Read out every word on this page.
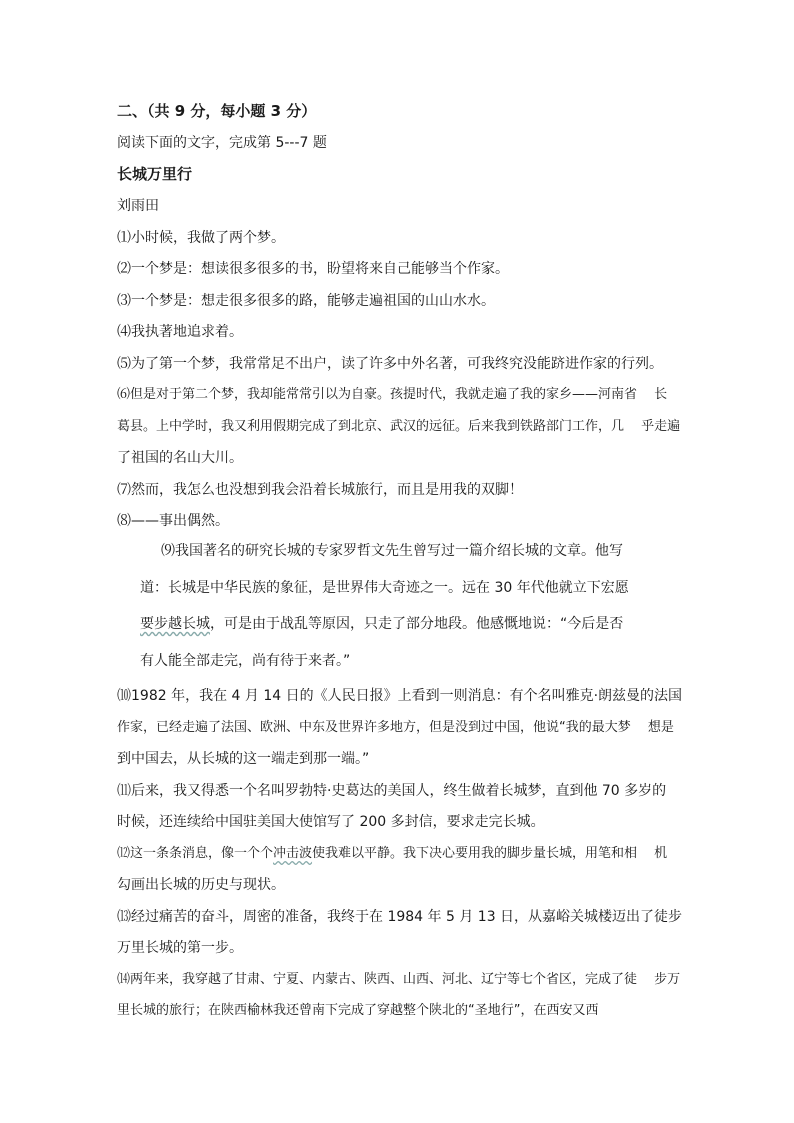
二、（共 9 分，每小题 3 分）
阅读下面的文字，完成第 5---7 题
长城万里行
刘雨田
⑴小时候，我做了两个梦。
⑵一个梦是：想读很多很多的书，盼望将来自己能够当个作家。
⑶一个梦是：想走很多很多的路，能够走遍祖国的山山水水。
⑷我执著地追求着。
⑸为了第一个梦，我常常足不出户，读了许多中外名著，可我终究没能跻进作家的行列。
⑹但是对于第二个梦，我却能常常引以为自豪。孩提时代，我就走遍了我的家乡——河南省　 长
葛县。上中学时，我又利用假期完成了到北京、武汉的远征。后来我到铁路部门工作，几　 乎走遍
了祖国的名山大川。
⑺然而，我怎么也没想到我会沿着长城旅行，而且是用我的双脚！
⑻——事出偶然。
⑼我国著名的研究长城的专家罗哲文先生曾写过一篇介绍长城的文章。他写
道：长城是中华民族的象征，是世界伟大奇迹之一。远在 30 年代他就立下宏愿
要步越长城，可是由于战乱等原因，只走了部分地段。他感慨地说：“今后是否
有人能全部走完，尚有待于来者。”
⑽1982 年，我在 4 月 14 日的《人民日报》上看到一则消息：有个名叫雅克·朗兹曼的法国
作家，已经走遍了法国、欧洲、中东及世界许多地方，但是没到过中国，他说“我的最大梦　 想是
到中国去，从长城的这一端走到那一端。”
⑾后来，我又得悉一个名叫罗勃特·史葛达的美国人，终生做着长城梦，直到他 70 多岁的
时候，还连续给中国驻美国大使馆写了 200 多封信，要求走完长城。
⑿这一条条消息，像一个个冲击波使我难以平静。我下决心要用我的脚步量长城，用笔和相　 机
勾画出长城的历史与现状。
⒀经过痛苦的奋斗，周密的准备，我终于在 1984 年 5 月 13 日，从嘉峪关城楼迈出了徒步
万里长城的第一步。
⒁两年来，我穿越了甘肃、宁夏、内蒙古、陕西、山西、河北、辽宁等七个省区，完成了徒　 步万
里长城的旅行；在陕西榆林我还曾南下完成了穿越整个陕北的“圣地行”，在西安又西
